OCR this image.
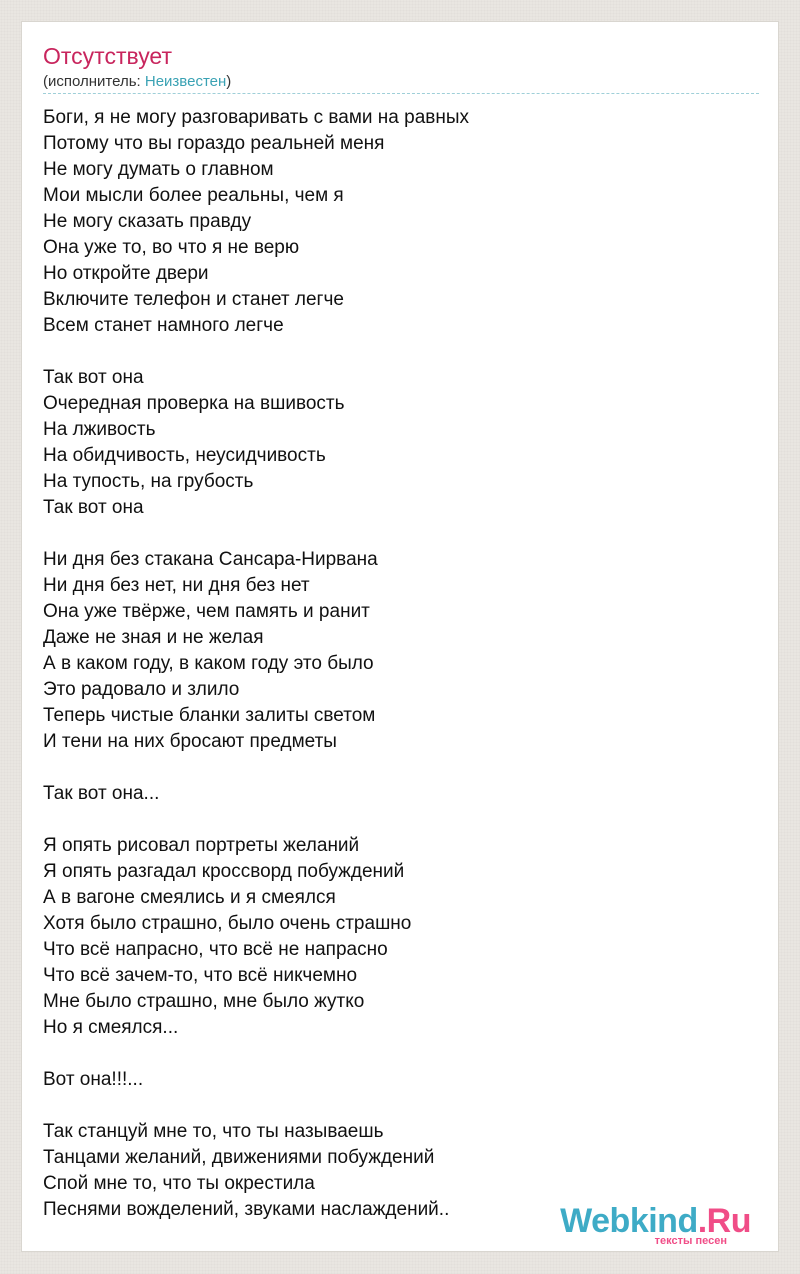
Отсутствует
(исполнитель: Неизвестен)
Боги, я не могу разговаривать с вами на равных
Потому что вы гораздо реальней меня
Не могу думать о главном
Мои мысли более реальны, чем я
Не могу сказать правду
Она уже то, во что я не верю
Но откройте двери
Включите телефон и станет легче
Всем станет намного легче
Так вот она
Очередная проверка на вшивость
На лживость
На обидчивость, неусидчивость
На тупость, на грубость
Так вот она
Ни дня без стакана Сансара-Нирвана
Ни дня без нет, ни дня без нет
Она уже твёрже, чем память и ранит
Даже не зная и не желая
А в каком году, в каком году это было
Это радовало и злило
Теперь чистые бланки залиты светом
И тени на них бросают предметы
Так вот она...
Я опять рисовал портреты желаний
Я опять разгадал кроссворд побуждений
А в вагоне смеялись и я смеялся
Хотя было страшно, было очень страшно
Что всё напрасно, что всё не напрасно
Что всё зачем-то, что всё никчемно
Мне было страшно, мне было жутко
Но я смеялся...
Вот она!!!...
Так станцуй мне то, что ты называешь
Танцами желаний, движениями побуждений
Спой мне то, что ты окрестила
Песнями вожделений, звуками наслаждений..	Webkind.Ru
тексты песен
